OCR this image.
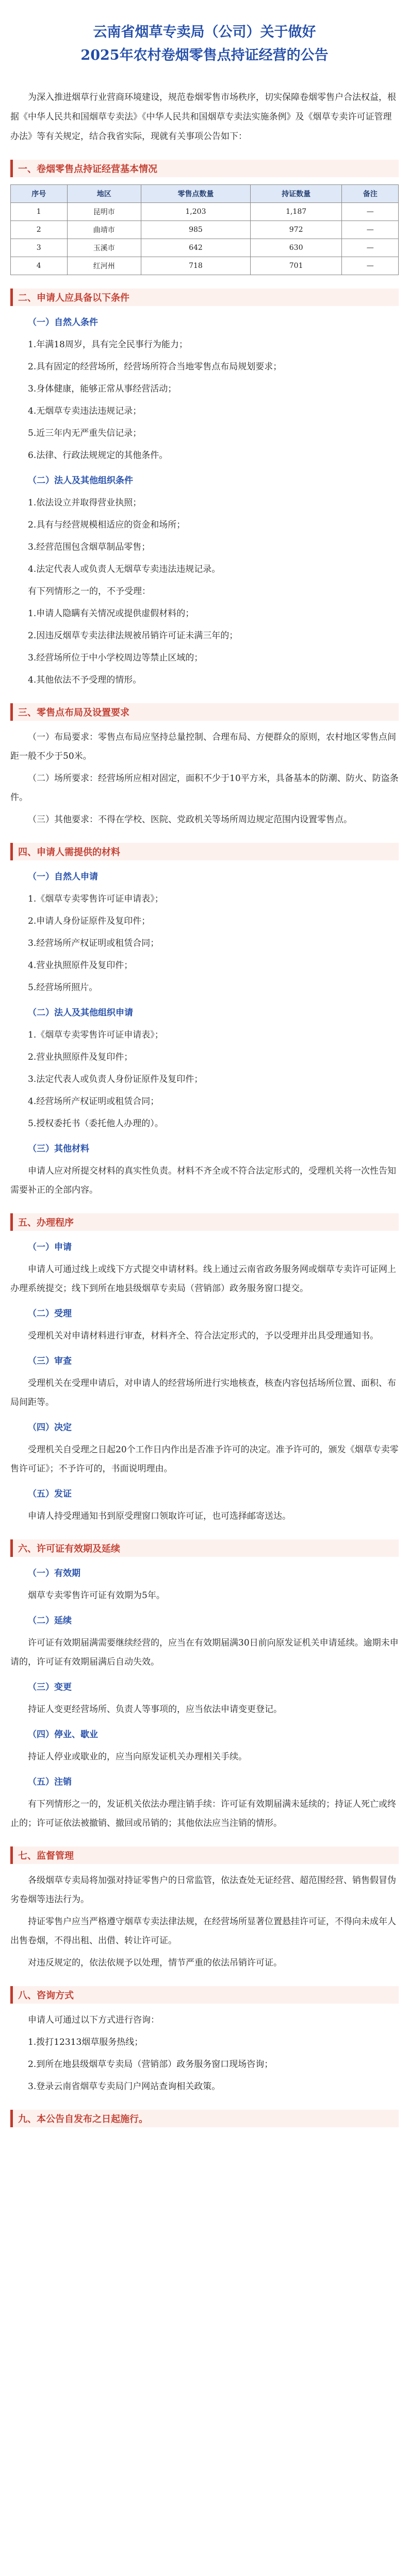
云南省烟草专卖局（公司）关于做好
2025年农村卷烟零售点持证经营的公告

为深入推进烟草行业营商环境建设，规范卷烟零售市场秩序，切实保障卷烟零售户合法权益，根据《中华人民共和国烟草专卖法》《中华人民共和国烟草专卖法实施条例》及《烟草专卖许可证管理办法》等有关规定，结合我省实际，现就有关事项公告如下：

一、卷烟零售点持证经营基本情况
序号	地区	零售点数量	持证数量	备注
1	昆明市	1,203	1,187	—
2	曲靖市	985	972	—
3	玉溪市	642	630	—
4	红河州	718	701	—
二、申请人应具备以下条件

（一）自然人条件

1.年满18周岁，具有完全民事行为能力；

2.具有固定的经营场所，经营场所符合当地零售点布局规划要求；

3.身体健康，能够正常从事经营活动；

4.无烟草专卖违法违规记录；

5.近三年内无严重失信记录；

6.法律、行政法规规定的其他条件。

（二）法人及其他组织条件

1.依法设立并取得营业执照；

2.具有与经营规模相适应的资金和场所；

3.经营范围包含烟草制品零售；

4.法定代表人或负责人无烟草专卖违法违规记录。

有下列情形之一的，不予受理：

1.申请人隐瞒有关情况或提供虚假材料的；

2.因违反烟草专卖法律法规被吊销许可证未满三年的；

3.经营场所位于中小学校周边等禁止区域的；

4.其他依法不予受理的情形。

三、零售点布局及设置要求

（一）布局要求：零售点布局应坚持总量控制、合理布局、方便群众的原则，农村地区零售点间距一般不少于50米。

（二）场所要求：经营场所应相对固定，面积不少于10平方米，具备基本的防潮、防火、防盗条件。

（三）其他要求：不得在学校、医院、党政机关等场所周边规定范围内设置零售点。

四、申请人需提供的材料

（一）自然人申请

1.《烟草专卖零售许可证申请表》；

2.申请人身份证原件及复印件；

3.经营场所产权证明或租赁合同；

4.营业执照原件及复印件；

5.经营场所照片。

（二）法人及其他组织申请

1.《烟草专卖零售许可证申请表》；

2.营业执照原件及复印件；

3.法定代表人或负责人身份证原件及复印件；

4.经营场所产权证明或租赁合同；

5.授权委托书（委托他人办理的）。

（三）其他材料

申请人应对所提交材料的真实性负责。材料不齐全或不符合法定形式的，受理机关将一次性告知需要补正的全部内容。

五、办理程序

（一）申请

申请人可通过线上或线下方式提交申请材料。线上通过云南省政务服务网或烟草专卖许可证网上办理系统提交；线下到所在地县级烟草专卖局（营销部）政务服务窗口提交。

（二）受理

受理机关对申请材料进行审查，材料齐全、符合法定形式的，予以受理并出具受理通知书。

（三）审查

受理机关在受理申请后，对申请人的经营场所进行实地核查，核查内容包括场所位置、面积、布局间距等。

（四）决定

受理机关自受理之日起20个工作日内作出是否准予许可的决定。准予许可的，颁发《烟草专卖零售许可证》；不予许可的，书面说明理由。

（五）发证

申请人持受理通知书到原受理窗口领取许可证，也可选择邮寄送达。

六、许可证有效期及延续

（一）有效期

烟草专卖零售许可证有效期为5年。

（二）延续

许可证有效期届满需要继续经营的，应当在有效期届满30日前向原发证机关申请延续。逾期未申请的，许可证有效期届满后自动失效。

（三）变更

持证人变更经营场所、负责人等事项的，应当依法申请变更登记。

（四）停业、歇业

持证人停业或歇业的，应当向原发证机关办理相关手续。

（五）注销

有下列情形之一的，发证机关依法办理注销手续：许可证有效期届满未延续的；持证人死亡或终止的；许可证依法被撤销、撤回或吊销的；其他依法应当注销的情形。

七、监督管理

各级烟草专卖局将加强对持证零售户的日常监管，依法查处无证经营、超范围经营、销售假冒伪劣卷烟等违法行为。

持证零售户应当严格遵守烟草专卖法律法规，在经营场所显著位置悬挂许可证，不得向未成年人出售卷烟，不得出租、出借、转让许可证。

对违反规定的，依法依规予以处理，情节严重的依法吊销许可证。

八、咨询方式

申请人可通过以下方式进行咨询：

1.拨打12313烟草服务热线；

2.到所在地县级烟草专卖局（营销部）政务服务窗口现场咨询；

3.登录云南省烟草专卖局门户网站查询相关政策。

九、本公告自发布之日起施行。
